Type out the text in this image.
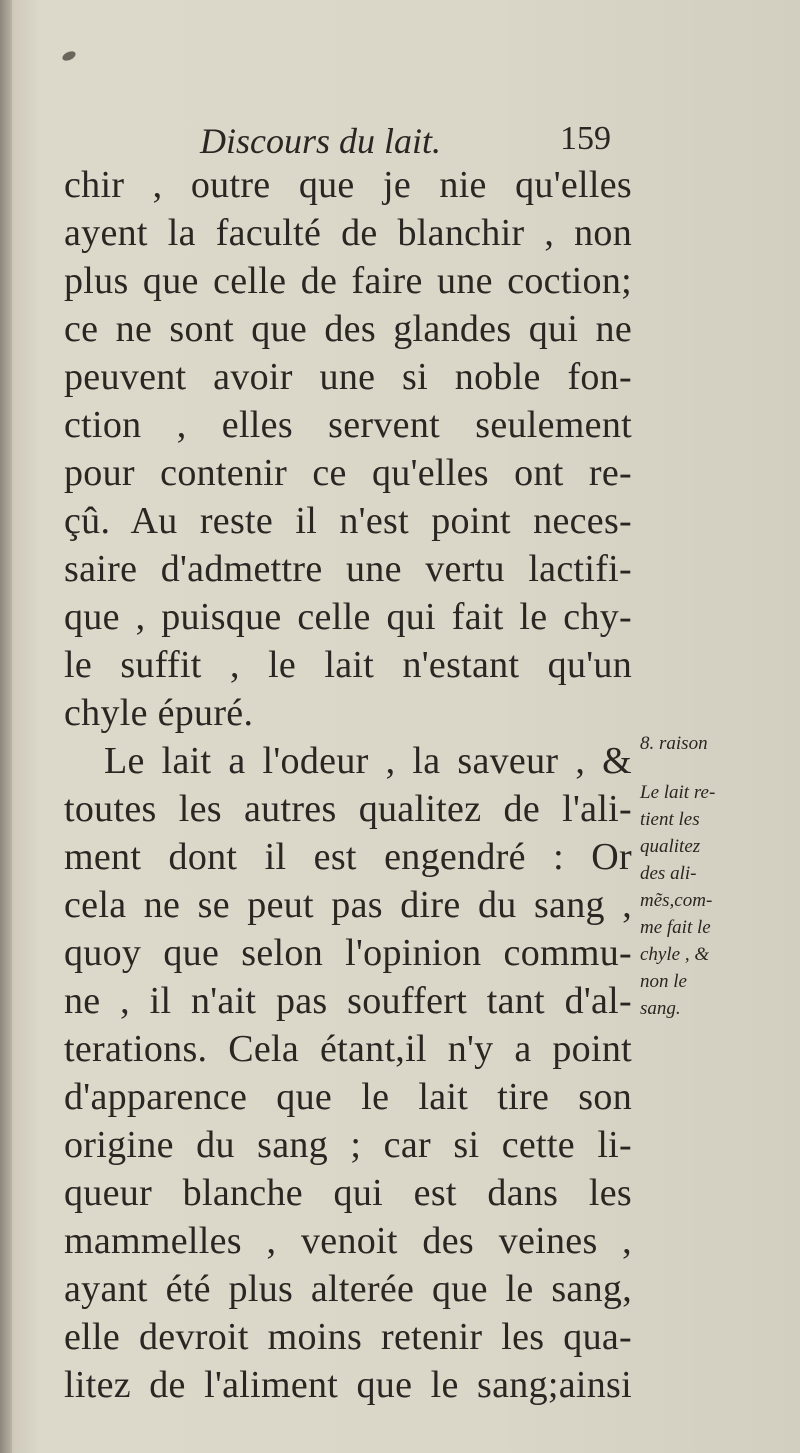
Discours du lait.	159
chir , outre que je nie qu'elles
ayent la faculté de blanchir , non
plus que celle de faire une coction;
ce ne sont que des glandes qui ne
peuvent avoir une si noble fon-
ction , elles servent seulement
pour contenir ce qu'elles ont re-
çû. Au reste il n'est point neces-
saire d'admettre une vertu lactifi-
que , puisque celle qui fait le chy-
le suffit , le lait n'estant qu'un
chyle épuré.
Le lait a l'odeur , la saveur , &
toutes les autres qualitez de l'ali-
ment dont il est engendré : Or
cela ne se peut pas dire du sang ,
quoy que selon l'opinion commu-
ne , il n'ait pas souffert tant d'al-
terations. Cela étant,il n'y a point
d'apparence que le lait tire son
origine du sang ; car si cette li-
queur blanche qui est dans les
mammelles , venoit des veines ,
ayant été plus alterée que le sang,
elle devroit moins retenir les qua-
litez de l'aliment que le sang;ainsi
8. raison
Le lait re-
tient les
qualitez
des ali-
mẽs,com-
me fait le
chyle , &
non le
sang.
